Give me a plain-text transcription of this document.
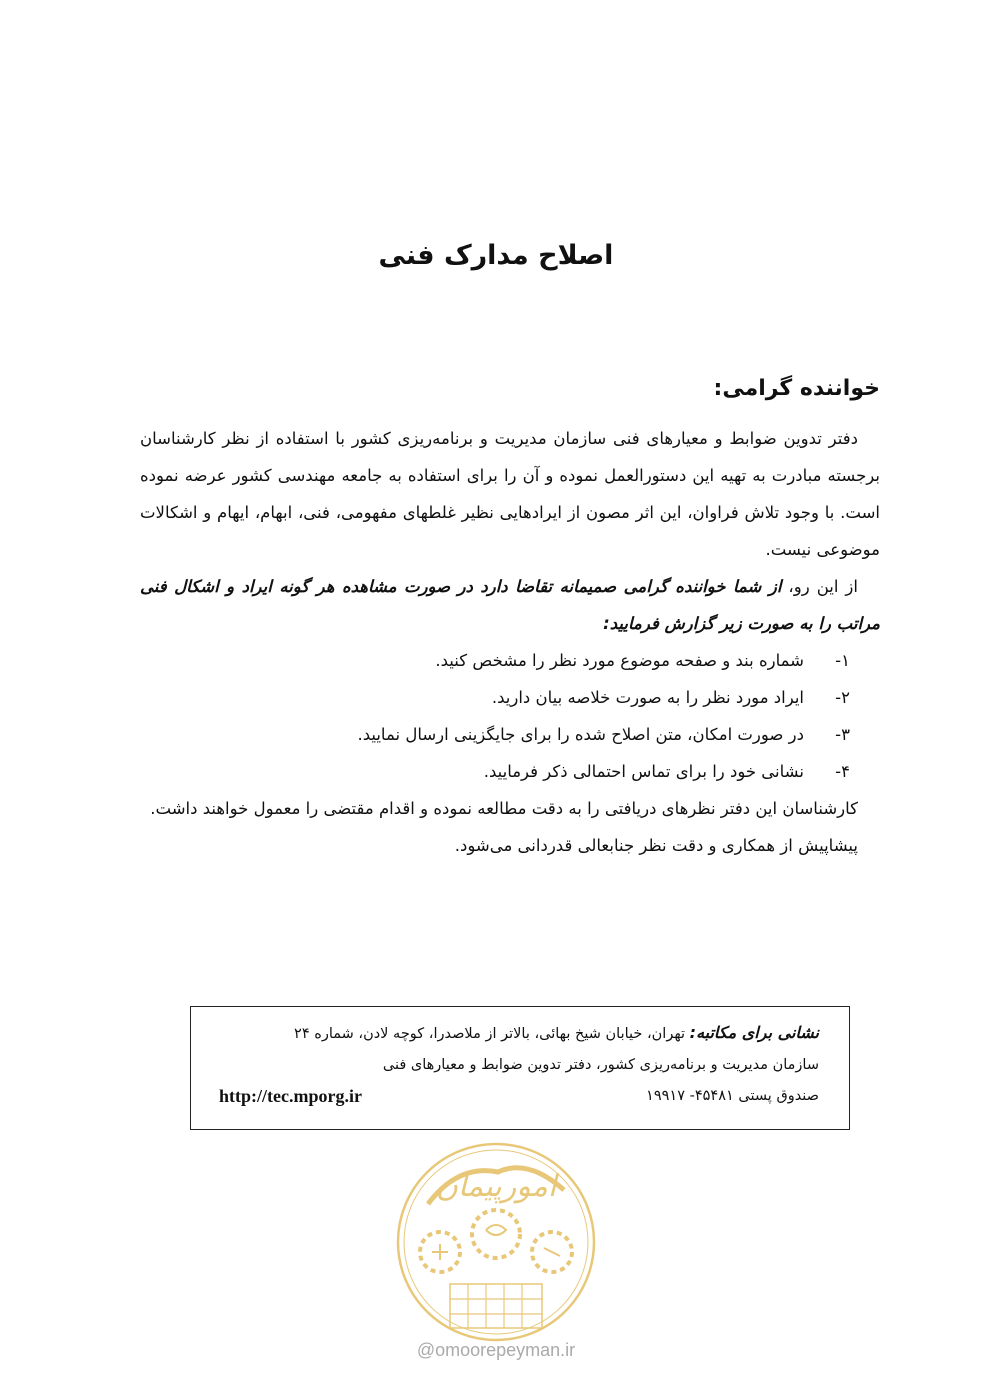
اصلاح مدارک فنی
خواننده گرامی:

دفتر تدوین ضوابط و معیارهای فنی سازمان مدیریت و برنامه‌ریزی کشور با استفاده از نظر کارشناسان برجسته مبادرت به تهیه این دستورالعمل نموده و آن را برای استفاده به جامعه مهندسی کشور عرضه نموده است. با وجود تلاش فراوان، این اثر مصون از ایرادهایی نظیر غلطهای مفهومی، فنی، ابهام، ایهام و اشکالات موضوعی نیست.

از این رو، از شما خواننده گرامی صمیمانه تقاضا دارد در صورت مشاهده هر گونه ایراد و اشکال فنی مراتب را به صورت زیر گزارش فرمایید:

۱-
شماره بند و صفحه موضوع مورد نظر را مشخص کنید.
۲-
ایراد مورد نظر را به صورت خلاصه بیان دارید.
۳-
در صورت امکان، متن اصلاح شده را برای جایگزینی ارسال نمایید.
۴-
نشانی خود را برای تماس احتمالی ذکر فرمایید.

کارشناسان این دفتر نظرهای دریافتی را به دقت مطالعه نموده و اقدام مقتضی را معمول خواهند داشت.

پیشاپیش از همکاری و دقت نظر جنابعالی قدردانی می‌شود.

نشانی برای مکاتبه: تهران، خیابان شیخ بهائی، بالاتر از ملاصدرا، کوچه لادن، شماره ۲۴
سازمان مدیریت و برنامه‌ریزی کشور، دفتر تدوین ضوابط و معیارهای فنی
صندوق پستی ۴۵۴۸۱- ۱۹۹۱۷
http://tec.mporg.ir
امورپیمان
@omoorepeyman.ir
